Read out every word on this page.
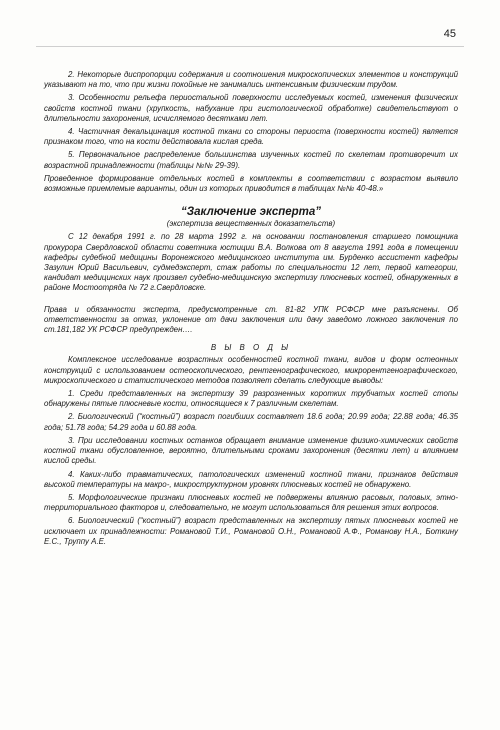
45

2. Некоторые диспропорции содержания и соотношения микроскопических элементов и конструкций указывают на то, что при жизни покойные не занимались интенсивным физическим трудом.

3. Особенности рельефа периостальной поверхности исследуемых костей, изменения физических свойств костной ткани (хрупкость, набухание при гистологической обработке) свидетельствуют о длительности захоронения, исчисляемого десятками лет.

4. Частичная декальцинация костной ткани со стороны периоста (поверхности костей) является признаком того, что на кости действовала кислая среда.

5. Первоначальное распределение большинства изученных костей по скелетам противоречит их возрастной принадлежности (таблицы №№ 29-39).

Проведенное формирование отдельных костей в комплекты в соответствии с возрастом выявило возможные приемлемые варианты, один из которых приводится в таблицах №№ 40-48.»

“Заключение эксперта”
(экспертиза вещественных доказательств)

С 12 декабря 1991 г. по 28 марта 1992 г. на основании постановления старшего помощника прокурора Свердловской области советника юстиции В.А. Волкова от 8 августа 1991 года в помещении кафедры судебной медицины Воронежского медицинского института им. Бурденко ассистент кафедры Зазулин Юрий Васильевич, судмедэксперт, стаж работы по специальности 12 лет, первой категории, кандидат медицинских наук произвел судебно-медицинскую экспертизу плюсневых костей, обнаруженных в районе Мостоотряда № 72 г.Свердловске.

Права и обязанности эксперта, предусмотренные ст. 81-82 УПК РСФСР мне разъяснены. Об ответственности за отказ, уклонение от дачи заключения или дачу заведомо ложного заключения по ст.181,182 УК РСФСР предупрежден….

В Ы В О Д Ы

Комплексное исследование возрастных особенностей костной ткани, видов и форм остеонных конструкций с использованием остеоскопического, рентгенографического, микрорентгенографического, микроскопического и статистического методов позволяет сделать следующие выводы:

1. Среди представленных на экспертизу 39 разрозненных коротких трубчатых костей стопы обнаружены пятые плюсневые кости, относящиеся к 7 различным скелетам.

2. Биологический (“костный”) возраст погибших составляет 18.6 года; 20.99 года; 22.88 года; 46.35 года; 51.78 года; 54.29 года и 60.88 года.

3. При исследовании костных останков обращает внимание изменение физико-химических свойств костной ткани обусловленное, вероятно, длительными сроками захоронения (десятки лет) и влиянием кислой среды.

4. Каких-либо травматических, патологических изменений костной ткани, признаков действия высокой температуры на макро-, микроструктурном уровнях плюсневых костей не обнаружено.

5. Морфологические признаки плюсневых костей не подвержены влиянию расовых, половых, этно-территориального факторов и, следовательно, не могут использоваться для решения этих вопросов.

6. Биологический (“костный”) возраст представленных на экспертизу пятых плюсневых костей не исключает их принадлежности: Романовой Т.И., Романовой О.Н., Романовой А.Ф., Романову Н.А., Боткину Е.С., Труппу А.Е.
